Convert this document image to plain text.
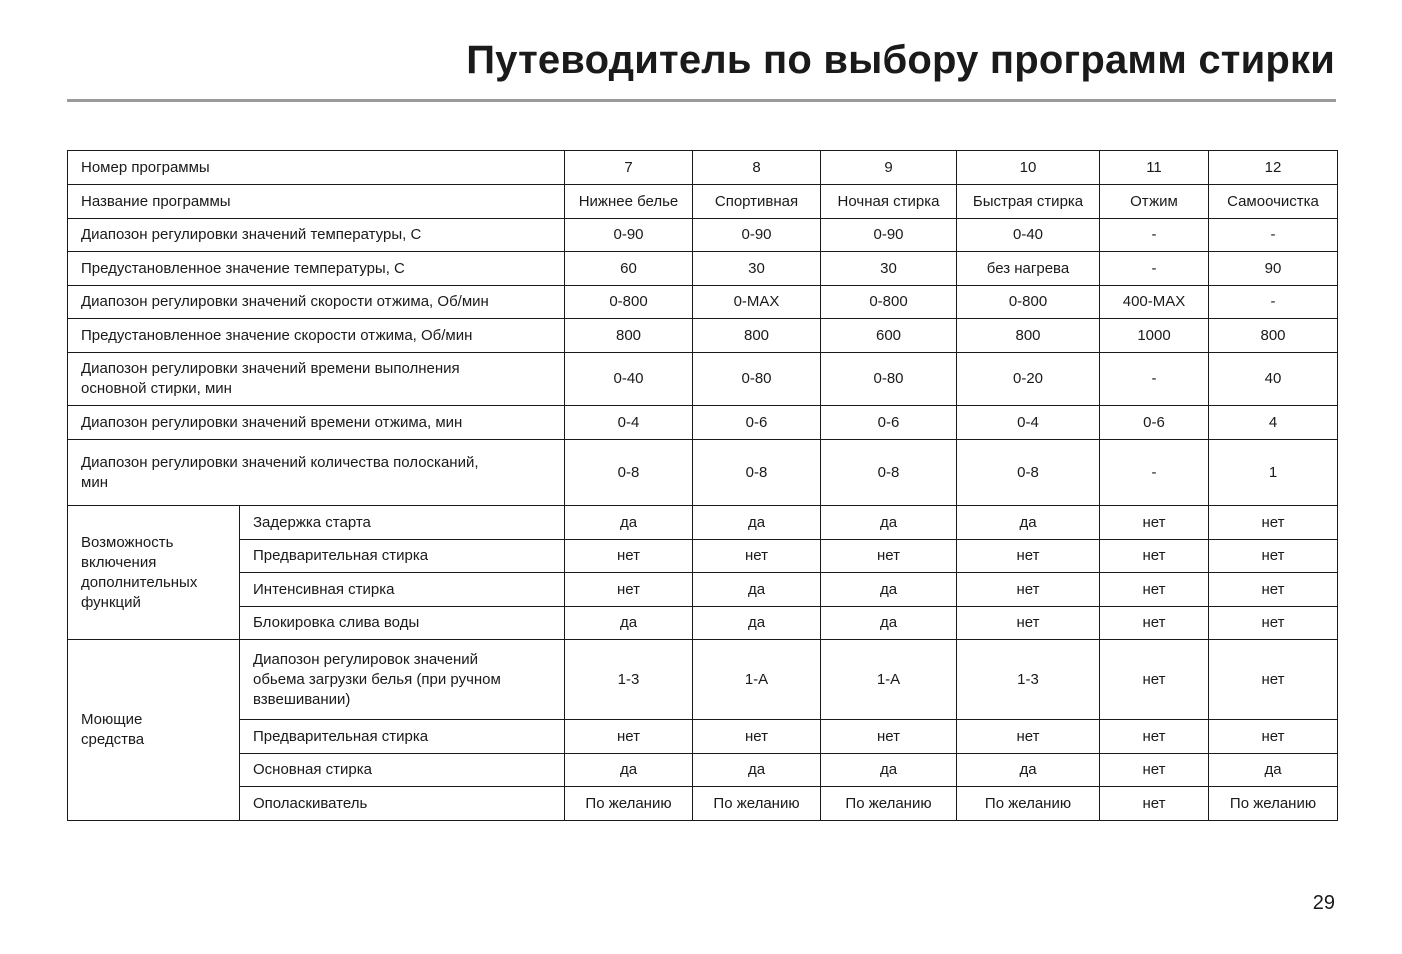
Путеводитель по выбору программ стирки
Номер программы		7	8	9	10	11	12
Название программы		Нижнее белье	Спортивная	Ночная стирка	Быстрая стирка	Отжим	Самоочистка
Диапозон регулировки значений температуры, С		0-90	0-90	0-90	0-40	-	-
Предустановленное значение температуры, С		60	30	30	без нагрева	-	90
Диапозон регулировки значений скорости отжима, Об/мин		0-800	0-MAX	0-800	0-800	400-MAX	-
Предустановленное значение скорости отжима, Об/мин		800	800	600	800	1000	800
Диапозон регулировки значений времени выполнения
основной стирки, мин		0-40	0-80	0-80	0-20	-	40
Диапозон регулировки значений времени отжима, мин		0-4	0-6	0-6	0-4	0-6	4
Диапозон регулировки значений количества полосканий,
мин		0-8	0-8	0-8	0-8	-	1
Возможность
включения
дополнительных
функций	Задержка старта	да	да	да	да	нет	нет
	Предварительная стирка	нет	нет	нет	нет	нет	нет
	Интенсивная стирка	нет	да	да	нет	нет	нет
	Блокировка слива воды	да	да	да	нет	нет	нет
Моющие
средства	Диапозон регулировок значений
обьема загрузки белья (при ручном
взвешивании)	1-3	1-А	1-А	1-3	нет	нет
	Предварительная стирка	нет	нет	нет	нет	нет	нет
	Основная стирка	да	да	да	да	нет	да
	Ополаскиватель	По желанию	По желанию	По желанию	По желанию	нет	По желанию
29
